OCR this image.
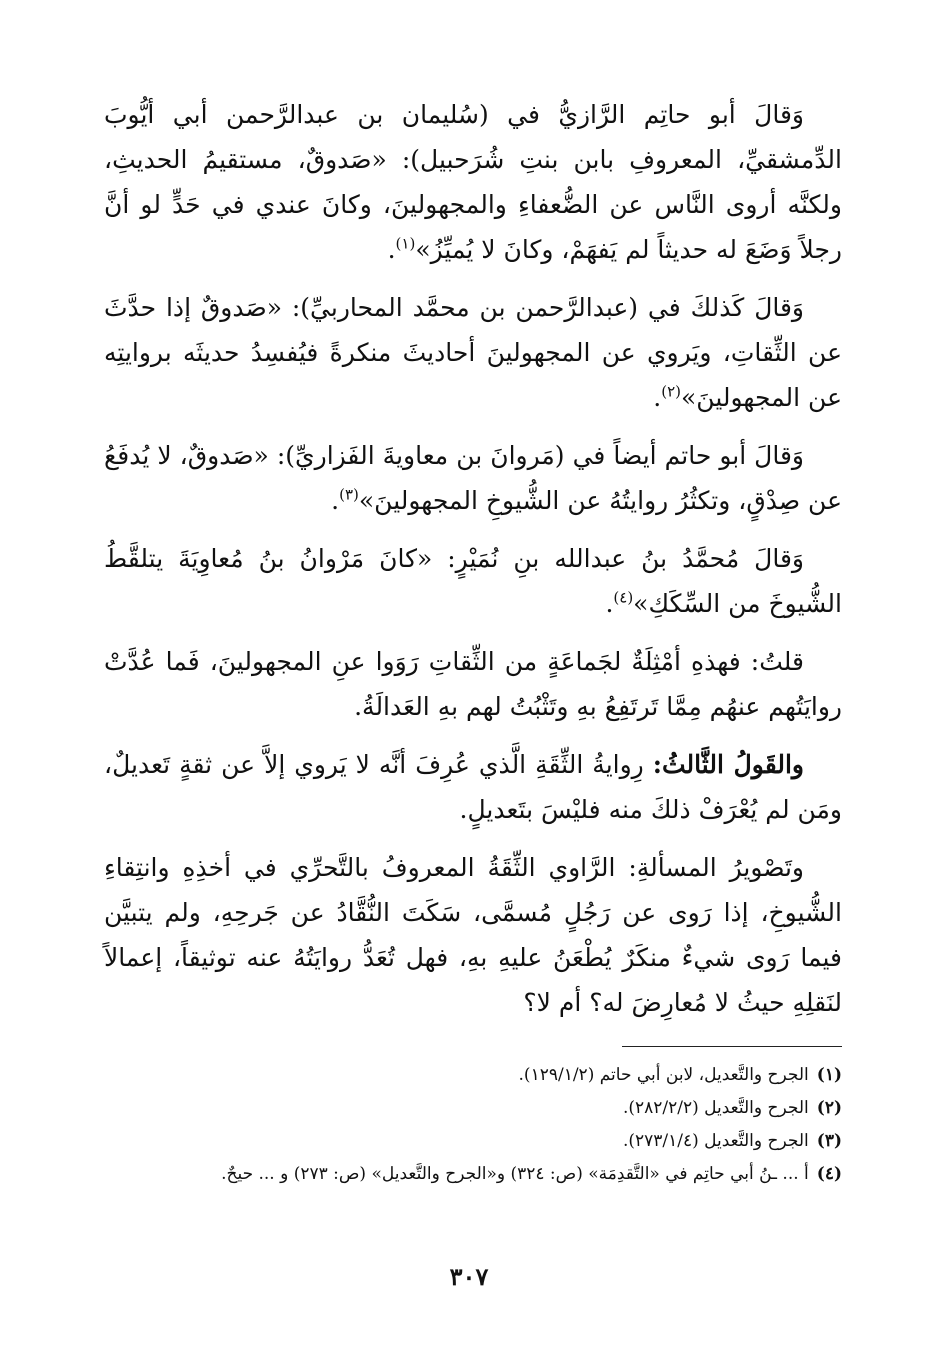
وَقالَ أبو حاتِم الرَّازيُّ في (سُليمان بن عبدالرَّحمن أبي أيُّوبَ الدِّمشقيِّ، المعروفِ بابن بنتِ شُرَحبيل): «صَدوقٌ، مستقيمُ الحديثِ، ولكنَّه أروى النَّاس عن الضُّعفاءِ والمجهولينَ، وكانَ عندي في حَدٍّ لو أنَّ رجلاً وَضَعَ له حديثاً لم يَفهَمْ، وكانَ لا يُميِّزُ»$^{(١)}$.

وَقالَ كَذلكَ في (عبدالرَّحمن بن محمَّد المحاربيِّ): «صَدوقٌ إذا حدَّثَ عن الثِّقاتِ، ويَروي عن المجهولينَ أحاديثَ منكرةً فيُفسِدُ حديثَه بروايتِه عن المجهولينَ»$^{(٢)}$.

وَقالَ أبو حاتم أيضاً في (مَروانَ بن معاويةَ الفَزاريِّ): «صَدوقٌ، لا يُدفَعُ عن صِدْقٍ، وتكثُرُ روايتُهُ عن الشُّيوخِ المجهولينَ»$^{(٣)}$.

وَقالَ مُحمَّدُ بنُ عبدالله بنِ نُمَيْرٍ: «كانَ مَرْوانُ بنُ مُعاوِيَةَ يتلقَّطُ الشُّيوخَ من السِّكَكِ»$^{(٤)}$.

قلتُ: فهذهِ أمْثِلَةٌ لجَماعَةٍ من الثِّقاتِ رَوَوا عنِ المجهولينَ، فَما عُدَّتْ روايَتُهم عنهُم مِمَّا تَرتَفِعُ بهِ وتَثْبُتُ لهم بهِ العَدالَةُ.

والقَولُ الثَّالثُ: رِوايةُ الثِّقَةِ الَّذي عُرِفَ أنَّه لا يَروي إلاَّ عن ثقةٍ تَعديلٌ، ومَن لم يُعْرَفْ ذلكَ منه فليْسَ بتَعديلٍ.

وتَصْويرُ المسألةِ: الرَّاوي الثِّقَةُ المعروفُ بالتَّحرِّي في أخذِهِ وانتِقاءِ الشُّيوخِ، إذا رَوى عن رَجُلٍ مُسمَّى، سَكَتَ النُّقَّادُ عن جَرحِهِ، ولم يتبيَّن فيما رَوى شيءٌ منكَرٌ يُطْعَنُ عليهِ بهِ، فهل تُعَدُّ روايَتُهُ عنه توثيقاً، إعمالاً لنَقلِهِ حيثُ لا مُعارِضَ له؟ أم لا؟

(١)الجرح والتَّعديل، لابن أبي حاتم (١٢٩/١/٢).

(٢)الجرح والتَّعديل (٢٨٢/٢/٢).

(٣)الجرح والتَّعديل (٢٧٣/١/٤).

(٤)أ ... ـنُ أبي حاتِم في «التَّقدِمَة» (ص: ٣٢٤) و«الجرح والتَّعديل» (ص: ٢٧٣) و ... حيحٌ.

٣٠٧
